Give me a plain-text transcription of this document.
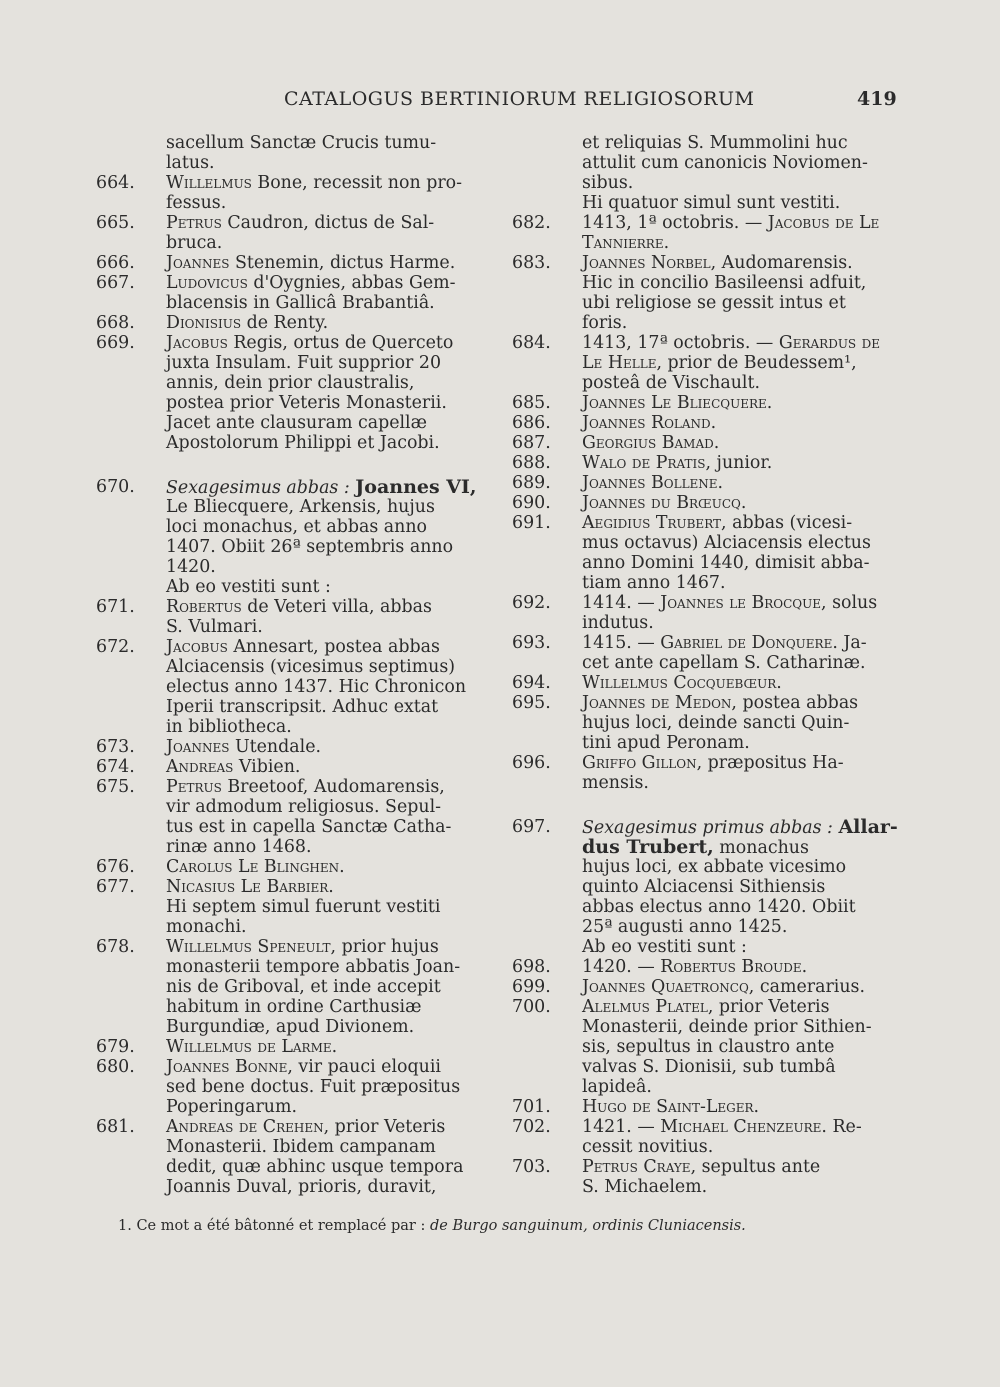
CATALOGUS BERTINIORUM RELIGIOSORUM	419
sacellum Sanctæ Crucis tumu-
latus.
664. Willelmus Bone, recessit non pro-
fessus.
665. Petrus Caudron, dictus de Sal-
bruca.
666. Joannes Stenemin, dictus Harme.
667. Ludovicus d'Oygnies, abbas Gem-
blacensis in Gallicâ Brabantiâ.
668. Dionisius de Renty.
669. Jacobus Regis, ortus de Querceto
juxta Insulam. Fuit supprior 20
annis, dein prior claustralis,
postea prior Veteris Monasterii.
Jacet ante clausuram capellæ
Apostolorum Philippi et Jacobi.
670. Sexagesimus abbas : Joannes VI,
Le Bliecquere, Arkensis, hujus
loci monachus, et abbas anno
1407. Obiit 26ª septembris anno
1420.
Ab eo vestiti sunt :
671. Robertus de Veteri villa, abbas
S. Vulmari.
672. Jacobus Annesart, postea abbas
Alciacensis (vicesimus septimus)
electus anno 1437. Hic Chronicon
Iperii transcripsit. Adhuc extat
in bibliotheca.
673. Joannes Utendale.
674. Andreas Vibien.
675. Petrus Breetoof, Audomarensis,
vir admodum religiosus. Sepul-
tus est in capella Sanctæ Catha-
rinæ anno 1468.
676. Carolus Le Blinghen.
677. Nicasius Le Barbier.
Hi septem simul fuerunt vestiti
monachi.
678. Willelmus Speneult, prior hujus
monasterii tempore abbatis Joan-
nis de Griboval, et inde accepit
habitum in ordine Carthusiæ
Burgundiæ, apud Divionem.
679. Willelmus de Larme.
680. Joannes Bonne, vir pauci eloquii
sed bene doctus. Fuit præpositus
Poperingarum.
681. Andreas de Crehen, prior Veteris
Monasterii. Ibidem campanam
dedit, quæ abhinc usque tempora
Joannis Duval, prioris, duravit,
et reliquias S. Mummolini huc
attulit cum canonicis Noviomen-
sibus.
Hi quatuor simul sunt vestiti.
682. 1413, 1ª octobris. — Jacobus de Le
Tannierre.
683. Joannes Norbel, Audomarensis.
Hic in concilio Basileensi adfuit,
ubi religiose se gessit intus et
foris.
684. 1413, 17ª octobris. — Gerardus de
Le Helle, prior de Beudessem¹,
posteâ de Vischault.
685. Joannes Le Bliecquere.
686. Joannes Roland.
687. Georgius Bamad.
688. Walo de Pratis, junior.
689. Joannes Bollene.
690. Joannes du Brœucq.
691. Aegidius Trubert, abbas (vicesi-
mus octavus) Alciacensis electus
anno Domini 1440, dimisit abba-
tiam anno 1467.
692. 1414. — Joannes le Brocque, solus
indutus.
693. 1415. — Gabriel de Donquere. Ja-
cet ante capellam S. Catharinæ.
694. Willelmus Cocquebœur.
695. Joannes de Medon, postea abbas
hujus loci, deinde sancti Quin-
tini apud Peronam.
696. Griffo Gillon, præpositus Ha-
mensis.
697. Sexagesimus primus abbas : Allar-
dus Trubert, monachus
hujus loci, ex abbate vicesimo
quinto Alciacensi Sithiensis
abbas electus anno 1420. Obiit
25ª augusti anno 1425.
Ab eo vestiti sunt :
698. 1420. — Robertus Broude.
699. Joannes Quaetroncq, camerarius.
700. Alelmus Platel, prior Veteris
Monasterii, deinde prior Sithien-
sis, sepultus in claustro ante
valvas S. Dionisii, sub tumbâ
lapideâ.
701. Hugo de Saint-Leger.
702. 1421. — Michael Chenzeure. Re-
cessit novitius.
703. Petrus Craye, sepultus ante
S. Michaelem.
1. Ce mot a été bâtonné et remplacé par : de Burgo sanguinum, ordinis Cluniacensis.
